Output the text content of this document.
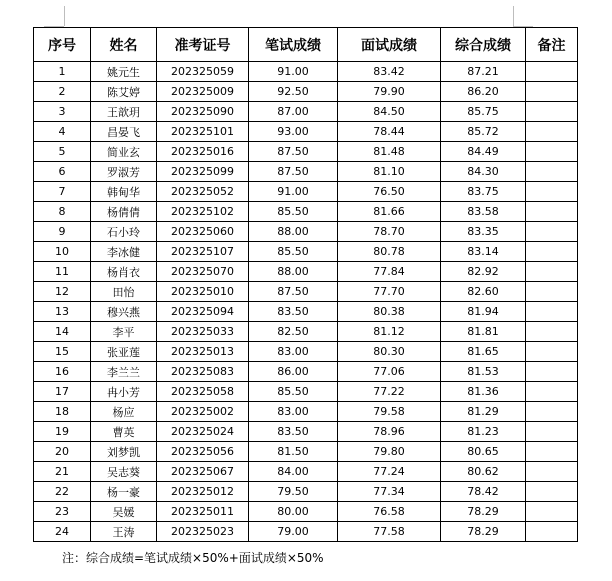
序号	姓名	准考证号	笔试成绩	面试成绩	综合成绩	备注
1	姚元生	202325059	91.00	83.42	87.21	
2	陈艾婷	202325009	92.50	79.90	86.20	
3	王歆玥	202325090	87.00	84.50	85.75	
4	昌晏飞	202325101	93.00	78.44	85.72	
5	简业玄	202325016	87.50	81.48	84.49	
6	罗淑芳	202325099	87.50	81.10	84.30	
7	韩甸华	202325052	91.00	76.50	83.75	
8	杨倩倩	202325102	85.50	81.66	83.58	
9	石小玲	202325060	88.00	78.70	83.35	
10	李冰健	202325107	85.50	80.78	83.14	
11	杨肖衣	202325070	88.00	77.84	82.92	
12	田怡	202325010	87.50	77.70	82.60	
13	穆兴燕	202325094	83.50	80.38	81.94	
14	李平	202325033	82.50	81.12	81.81	
15	张亚莲	202325013	83.00	80.30	81.65	
16	李兰兰	202325083	86.00	77.06	81.53	
17	冉小芳	202325058	85.50	77.22	81.36	
18	杨应	202325002	83.00	79.58	81.29	
19	曹英	202325024	83.50	78.96	81.23	
20	刘梦凯	202325056	81.50	79.80	80.65	
21	吴志葵	202325067	84.00	77.24	80.62	
22	杨一豪	202325012	79.50	77.34	78.42	
23	吴媛	202325011	80.00	76.58	78.29	
24	王涛	202325023	79.00	77.58	78.29	
注：综合成绩=笔试成绩×50%+面试成绩×50%
